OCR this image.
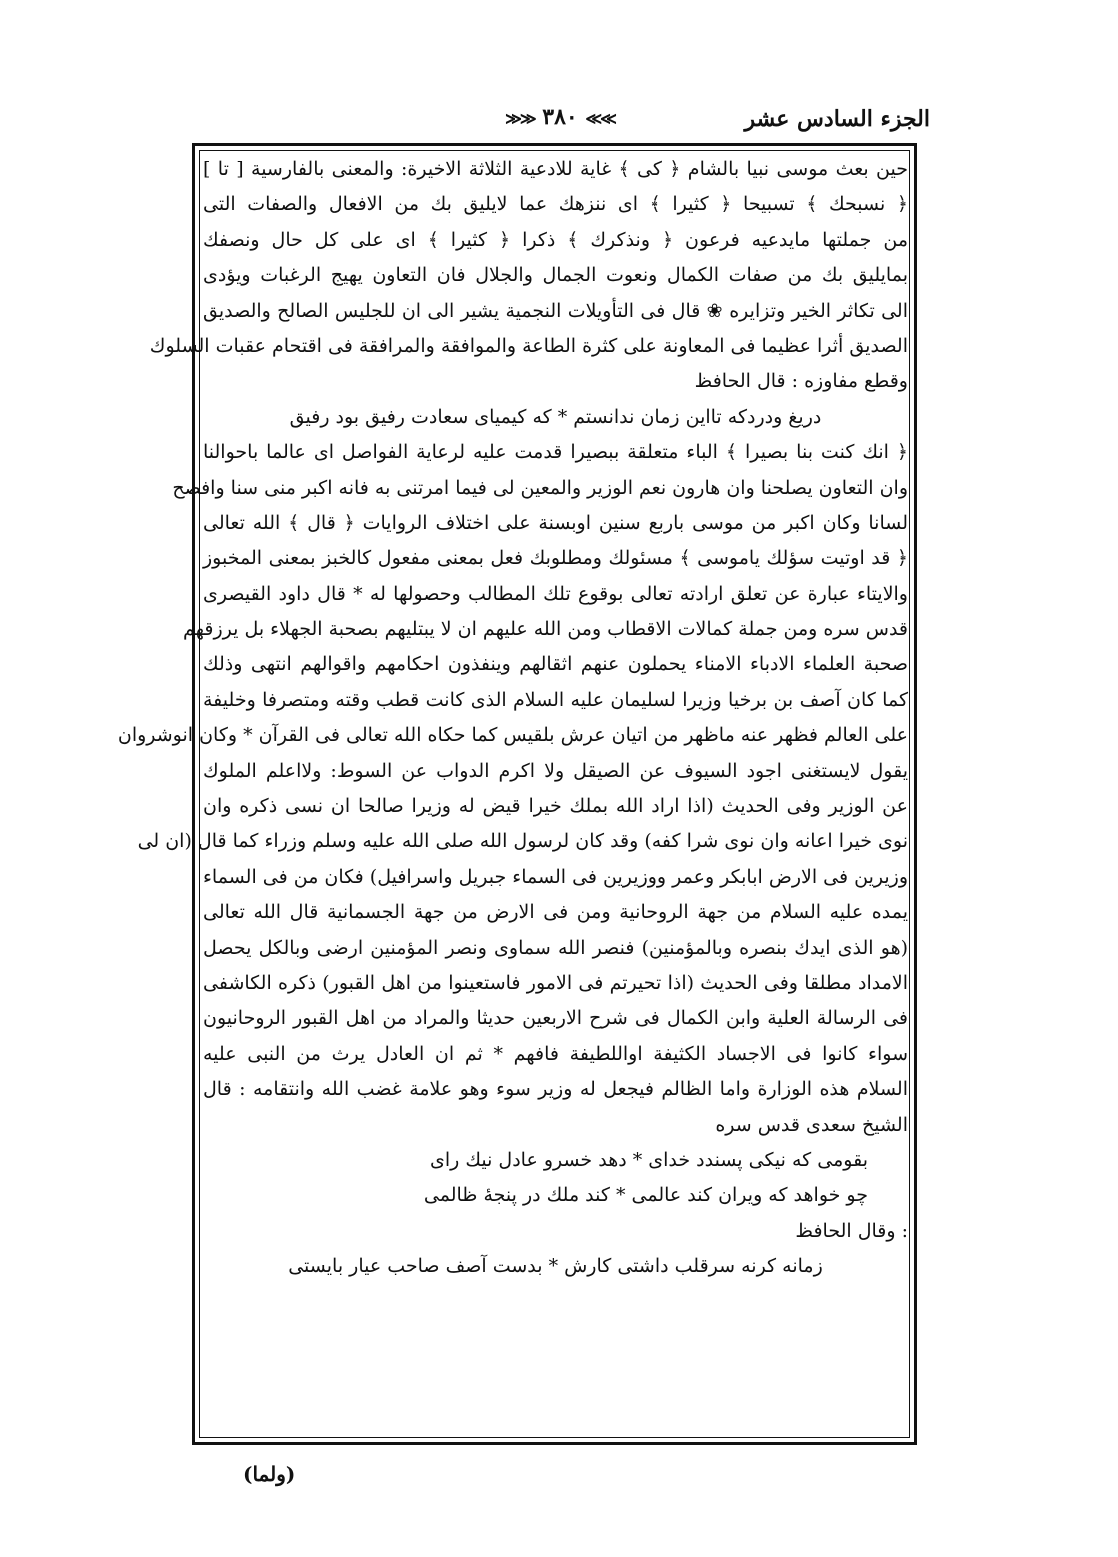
الجزء السادس عشر
≫≫ ٣٨٠ ≪≪
حين بعث موسى نبيا بالشام ﴿ كى ﴾ غاية للادعية الثلاثة الاخيرة: والمعنى بالفارسية [ تا ]
﴿ نسبحك ﴾ تسبيحا ﴿ كثيرا ﴾ اى ننزهك عما لايليق بك من الافعال والصفات التى
من جملتها مايدعيه فرعون ﴿ ونذكرك ﴾ ذكرا ﴿ كثيرا ﴾ اى على كل حال ونصفك
بمايليق بك من صفات الكمال ونعوت الجمال والجلال فان التعاون يهيج الرغبات ويؤدى
الى تكاثر الخير وتزايره ❀ قال فى التأويلات النجمية يشير الى ان للجليس الصالح والصديق
الصديق أثرا عظيما فى المعاونة على كثرة الطاعة والموافقة والمرافقة فى اقتحام عقبات السلوك
وقطع مفاوزه : قال الحافظ
دريغ ودردكه تااين زمان ندانستم * كه كيمياى سعادت رفيق بود رفيق
﴿ انك كنت بنا بصيرا ﴾ الباء متعلقة ببصيرا قدمت عليه لرعاية الفواصل اى عالما باحوالنا
وان التعاون يصلحنا وان هارون نعم الوزير والمعين لى فيما امرتنى به فانه اكبر منى سنا وافصح
لسانا وكان اكبر من موسى باربع سنين اوبسنة على اختلاف الروايات ﴿ قال ﴾ الله تعالى
﴿ قد اوتيت سؤلك ياموسى ﴾ مسئولك ومطلوبك فعل بمعنى مفعول كالخبز بمعنى المخبوز
والايتاء عبارة عن تعلق ارادته تعالى بوقوع تلك المطالب وحصولها له * قال داود القيصرى
قدس سره ومن جملة كمالات الاقطاب ومن الله عليهم ان لا يبتليهم بصحبة الجهلاء بل يرزقهم
صحبة العلماء الادباء الامناء يحملون عنهم اثقالهم وينفذون احكامهم واقوالهم انتهى وذلك
كما كان آصف بن برخيا وزيرا لسليمان عليه السلام الذى كانت قطب وقته ومتصرفا وخليفة
على العالم فظهر عنه ماظهر من اتيان عرش بلقيس كما حكاه الله تعالى فى القرآن * وكان انوشروان
يقول لايستغنى اجود السيوف عن الصيقل ولا اكرم الدواب عن السوط: ولااعلم الملوك
عن الوزير وفى الحديث (اذا اراد الله بملك خيرا قيض له وزيرا صالحا ان نسى ذكره وان
نوى خيرا اعانه وان نوى شرا كفه) وقد كان لرسول الله صلى الله عليه وسلم وزراء كما قال (ان لى
وزيرين فى الارض ابابكر وعمر ووزيرين فى السماء جبريل واسرافيل) فكان من فى السماء
يمده عليه السلام من جهة الروحانية ومن فى الارض من جهة الجسمانية قال الله تعالى
(هو الذى ايدك بنصره وبالمؤمنين) فنصر الله سماوى ونصر المؤمنين ارضى وبالكل يحصل
الامداد مطلقا وفى الحديث (اذا تحيرتم فى الامور فاستعينوا من اهل القبور) ذكره الكاشفى
فى الرسالة العلية وابن الكمال فى شرح الاربعين حديثا والمراد من اهل القبور الروحانيون
سواء كانوا فى الاجساد الكثيفة اواللطيفة فافهم * ثم ان العادل يرث من النبى عليه
السلام هذه الوزارة واما الظالم فيجعل له وزير سوء وهو علامة غضب الله وانتقامه : قال
الشيخ سعدى قدس سره
بقومى كه نيكى پسندد خداى * دهد خسرو عادل نيك راى
چو خواهد كه ويران كند عالمى * كند ملك در پنجهٔ ظالمى
: وقال الحافظ
زمانه كرنه سرقلب داشتى كارش * بدست آصف صاحب عيار بايستى
(ولما)
